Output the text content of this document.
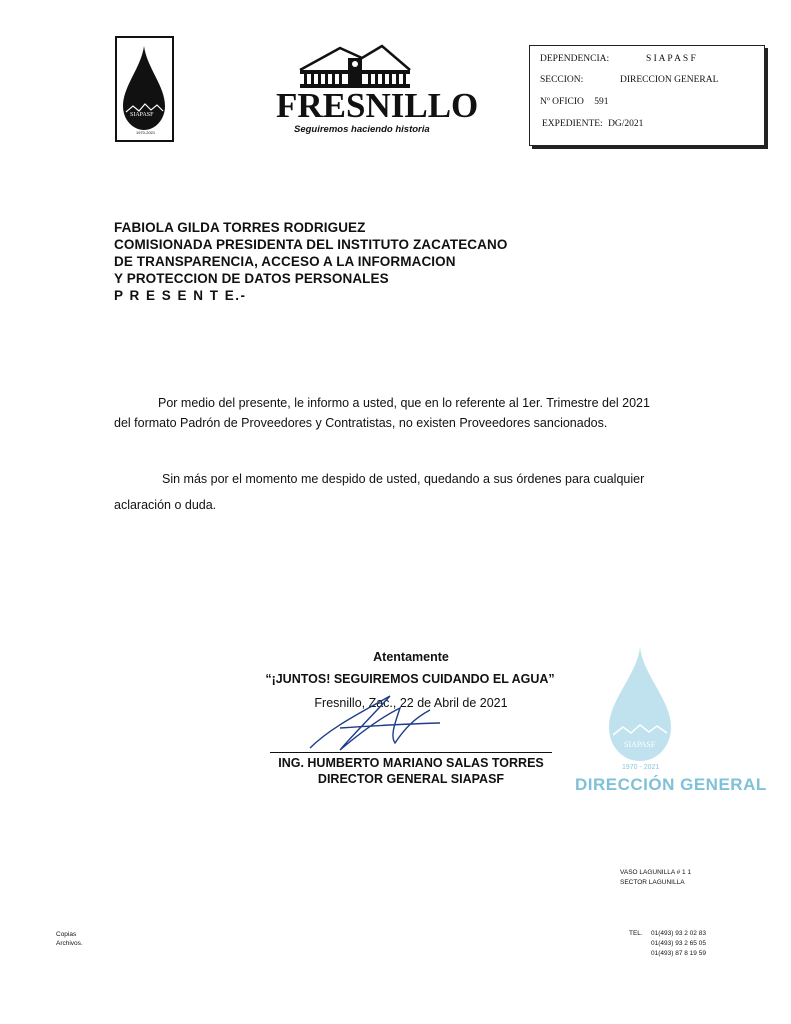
SIAPASF
1970-2021
FRESNILLO
Seguiremos haciendo historia
DEPENDENCIA:	S I A P A S F
SECCION:	DIRECCION GENERAL
Nº OFICIO 591
EXPEDIENTE: DG/2021
FABIOLA GILDA TORRES RODRIGUEZ
COMISIONADA PRESIDENTA DEL INSTITUTO ZACATECANO
DE TRANSPARENCIA, ACCESO A LA INFORMACION
Y PROTECCION DE DATOS PERSONALES
P R E S E N T E.-
Por medio del presente, le informo a usted, que en lo referente al 1er. Trimestre del 2021
del formato Padrón de Proveedores y Contratistas, no existen Proveedores sancionados.
Sin más por el momento me despido de usted, quedando a sus órdenes para cualquier
aclaración o duda.
Atentamente
“¡JUNTOS! SEGUIREMOS CUIDANDO EL AGUA”
Fresnillo, Zac., 22 de Abril de 2021
ING. HUMBERTO MARIANO SALAS TORRES
DIRECTOR GENERAL SIAPASF
SIAPASF
1970 - 2021
DIRECCIÓN GENERAL
VASO LAGUNILLA # 1 1
SECTOR LAGUNILLA
Copias
Archivos.
TEL. 01(493) 93 2 02 83
01(493) 93 2 65 05
01(493) 87 8 19 59
